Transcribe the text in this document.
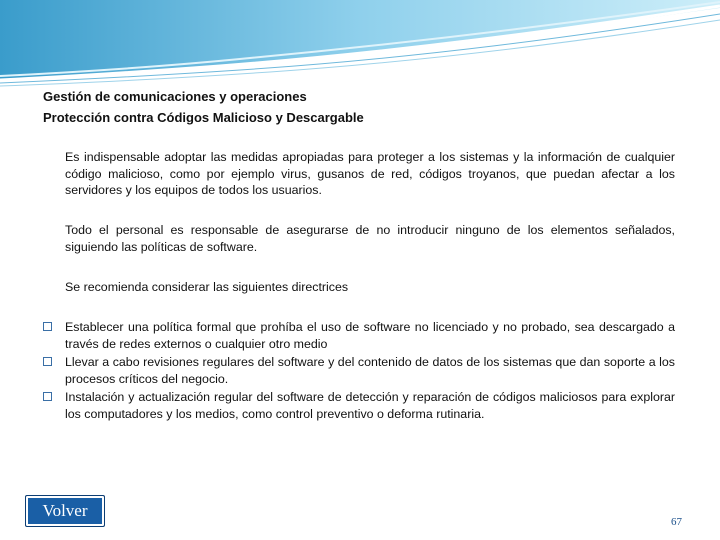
Gestión de comunicaciones y operaciones
Protección contra Códigos Malicioso y Descargable

Es indispensable adoptar las medidas apropiadas para proteger a los sistemas y la información de cualquier código malicioso, como por ejemplo virus, gusanos de red, códigos troyanos, que puedan afectar a los servidores y los equipos de todos los usuarios.

Todo el personal es responsable de asegurarse de no introducir ninguno de los elementos señalados, siguiendo las políticas de software.

Se recomienda considerar las siguientes directrices

Establecer una política formal que prohíba el uso de software no licenciado y no probado, sea descargado a través de redes externos o cualquier otro medio
Llevar a cabo revisiones regulares del software y del contenido de datos de los sistemas que dan soporte a los procesos críticos del negocio.
Instalación y actualización regular del software de detección y reparación de códigos maliciosos para explorar los computadores y los medios, como control preventivo o deforma rutinaria.
Volver
67
